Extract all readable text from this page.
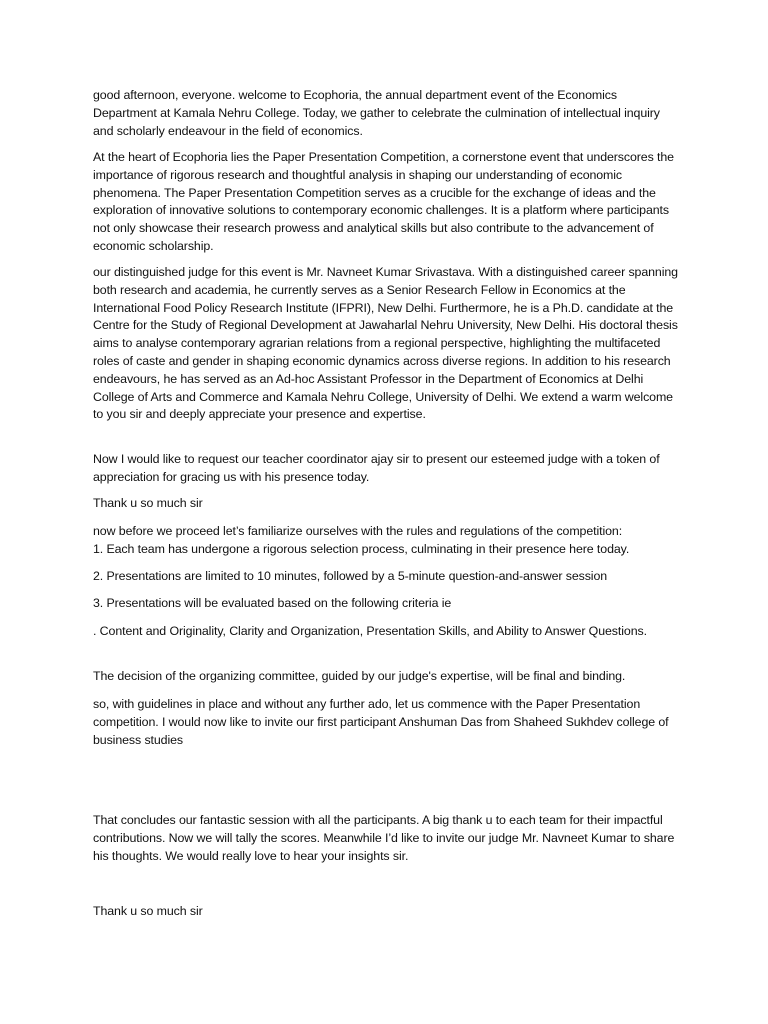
good afternoon, everyone. welcome to Ecophoria, the annual department event of the Economics Department at Kamala Nehru College. Today, we gather to celebrate the culmination of intellectual inquiry and scholarly endeavour in the field of economics.

At the heart of Ecophoria lies the Paper Presentation Competition, a cornerstone event that underscores the importance of rigorous research and thoughtful analysis in shaping our understanding of economic phenomena. The Paper Presentation Competition serves as a crucible for the exchange of ideas and the exploration of innovative solutions to contemporary economic challenges. It is a platform where participants not only showcase their research prowess and analytical skills but also contribute to the advancement of economic scholarship.

our distinguished judge for this event is Mr. Navneet Kumar Srivastava. With a distinguished career spanning both research and academia, he currently serves as a Senior Research Fellow in Economics at the International Food Policy Research Institute (IFPRI), New Delhi. Furthermore, he is a Ph.D. candidate at the Centre for the Study of Regional Development at Jawaharlal Nehru University, New Delhi. His doctoral thesis aims to analyse contemporary agrarian relations from a regional perspective, highlighting the multifaceted roles of caste and gender in shaping economic dynamics across diverse regions. In addition to his research endeavours, he has served as an Ad-hoc Assistant Professor in the Department of Economics at Delhi College of Arts and Commerce and Kamala Nehru College, University of Delhi. We extend a warm welcome to you sir and deeply appreciate your presence and expertise.

Now I would like to request our teacher coordinator ajay sir to present our esteemed judge with a token of appreciation for gracing us with his presence today.

Thank u so much sir

now before we proceed let’s familiarize ourselves with the rules and regulations of the competition:
1. Each team has undergone a rigorous selection process, culminating in their presence here today.

2. Presentations are limited to 10 minutes, followed by a 5-minute question-and-answer session

3. Presentations will be evaluated based on the following criteria ie

. Content and Originality, Clarity and Organization, Presentation Skills, and Ability to Answer Questions.

The decision of the organizing committee, guided by our judge's expertise, will be final and binding.

so, with guidelines in place and without any further ado, let us commence with the Paper Presentation competition. I would now like to invite our first participant Anshuman Das from Shaheed Sukhdev college of business studies

That concludes our fantastic session with all the participants. A big thank u to each team for their impactful contributions. Now we will tally the scores. Meanwhile I’d like to invite our judge Mr. Navneet Kumar to share his thoughts. We would really love to hear your insights sir.

Thank u so much sir
